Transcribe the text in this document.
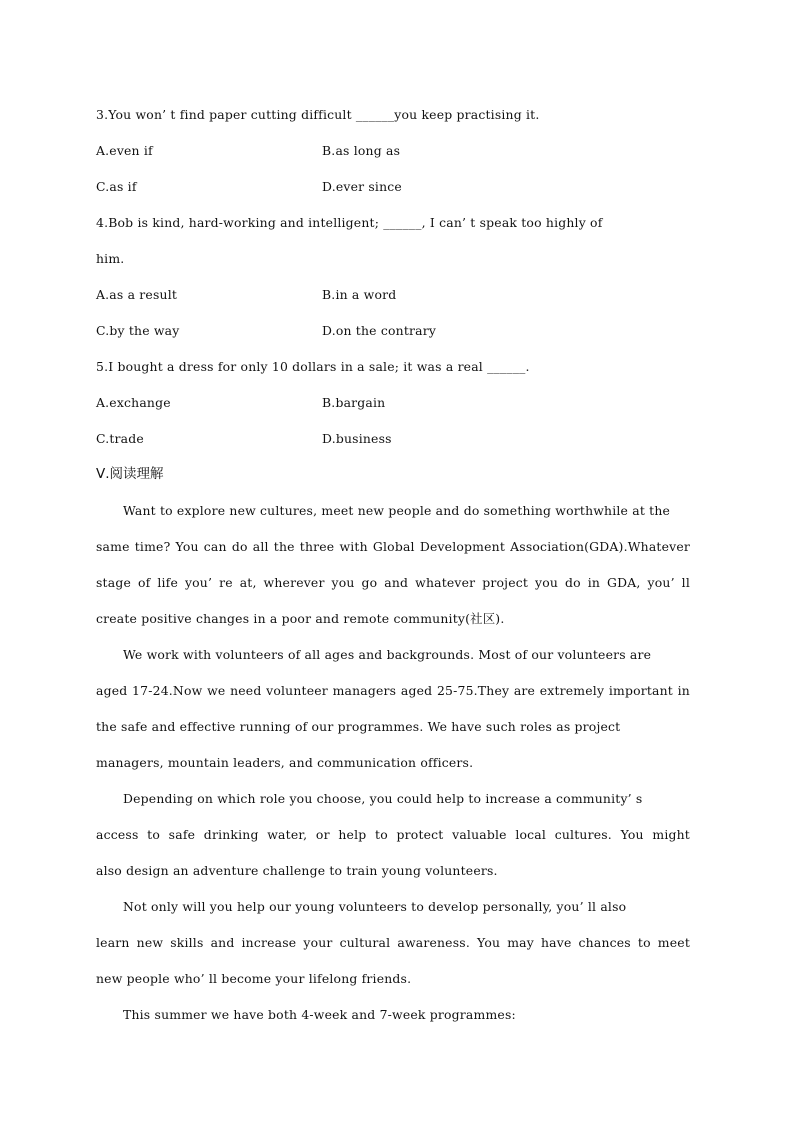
3.You won’ t find paper cutting difficult ______you keep practising it.
A.even if	B.as long as
C.as if	D.ever since
4.Bob is kind, hard-working and intelligent; ______, I can’ t speak too highly of
him.
A.as a result	B.in a word
C.by the way	D.on the contrary
5.I bought a dress for only 10 dollars in a sale; it was a real ______.
A.exchange	B.bargain
C.trade	D.business
Ⅴ.阅读理解
Want to explore new cultures, meet new people and do something worthwhile at the
same time? You can do all the three with Global Development Association(GDA).Whatever
stage of life you’ re at, wherever you go and whatever project you do in GDA, you’ ll
create positive changes in a poor and remote community(社区).
We work with volunteers of all ages and backgrounds. Most of our volunteers are
aged 17-24.Now we need volunteer managers aged 25-75.They are extremely important in
the safe and effective running of our programmes. We have such roles as project
managers, mountain leaders, and communication officers.
Depending on which role you choose, you could help to increase a community’ s
access to safe drinking water, or help to protect valuable local cultures. You might
also design an adventure challenge to train young volunteers.
Not only will you help our young volunteers to develop personally, you’ ll also
learn new skills and increase your cultural awareness. You may have chances to meet
new people who’ ll become your lifelong friends.
This summer we have both 4-week and 7-week programmes:
